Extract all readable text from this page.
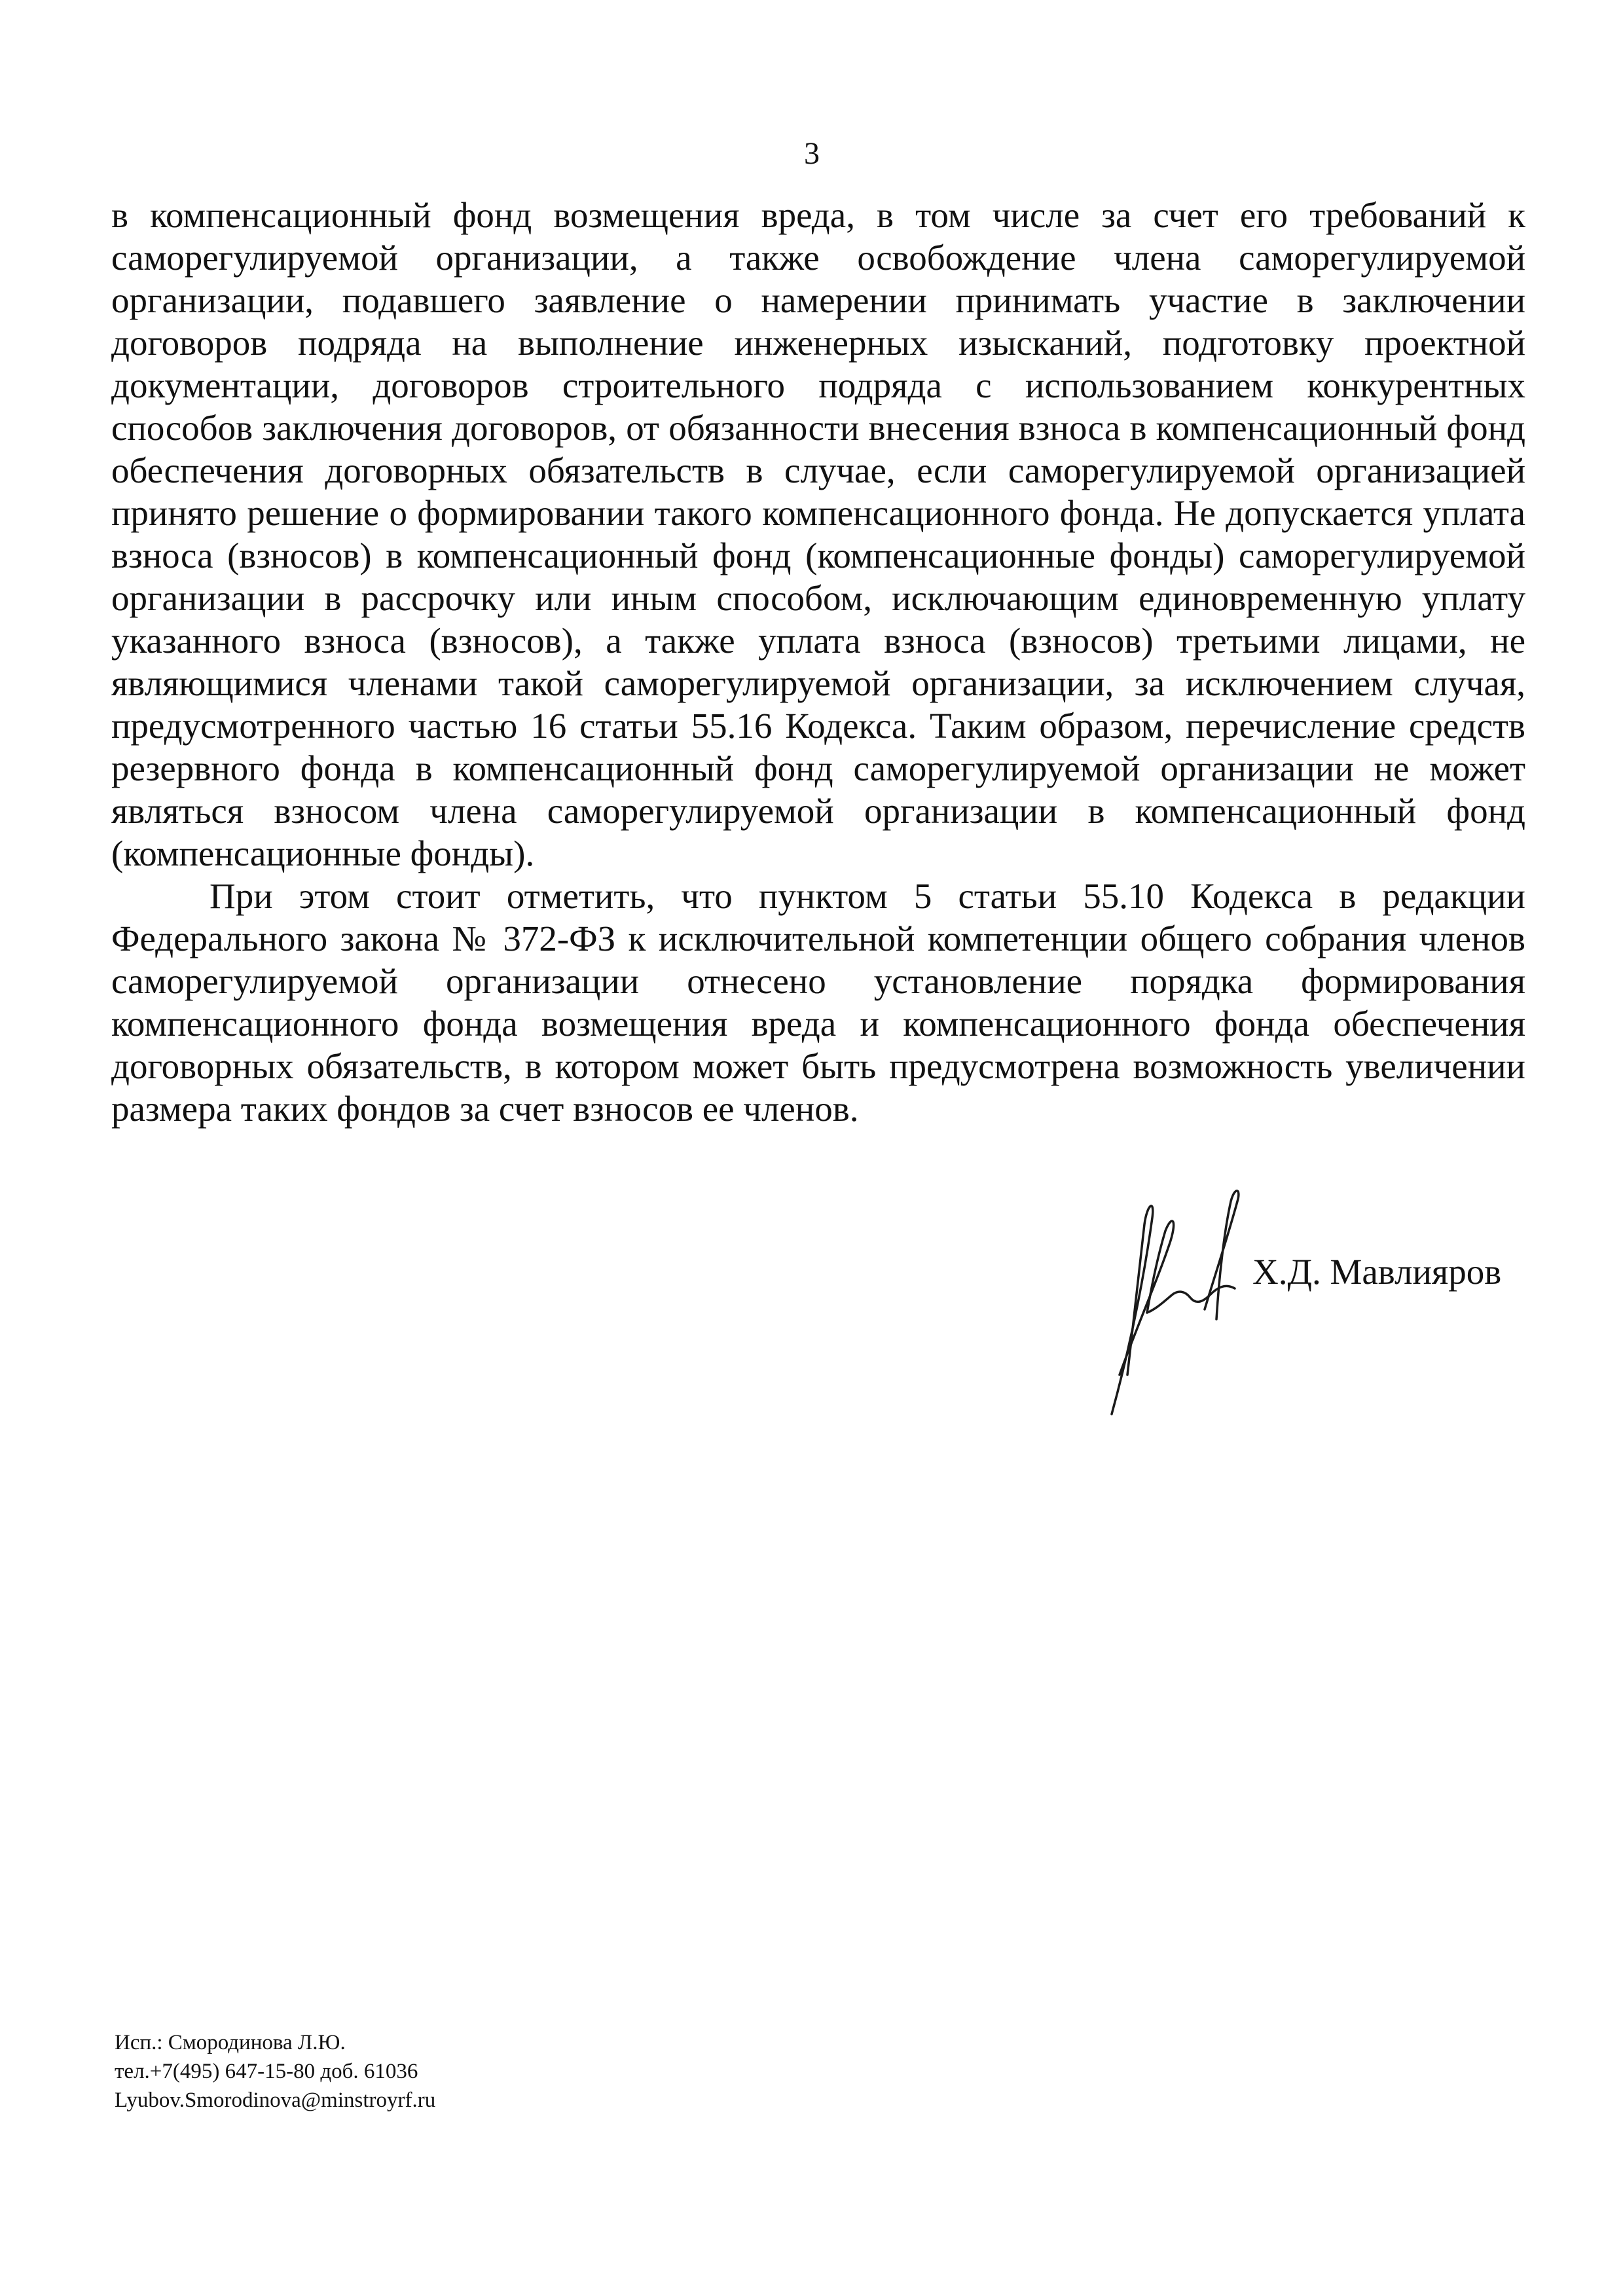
3

в компенсационный фонд возмещения вреда, в том числе за счет его требований к саморегулируемой организации, а также освобождение члена саморегулируемой организации, подавшего заявление о намерении принимать участие в заключении договоров подряда на выполнение инженерных изысканий, подготовку проектной документации, договоров строительного подряда с использованием конкурентных способов заключения договоров, от обязанности внесения взноса в компенсационный фонд обеспечения договорных обязательств в случае, если саморегулируемой организацией принято решение о формировании такого компенсационного фонда. Не допускается уплата взноса (взносов) в компенсационный фонд (компенсационные фонды) саморегулируемой организации в рассрочку или иным способом, исключающим единовременную уплату указанного взноса (взносов), а также уплата взноса (взносов) третьими лицами, не являющимися членами такой саморегулируемой организации, за исключением случая, предусмотренного частью 16 статьи 55.16 Кодекса. Таким образом, перечисление средств резервного фонда в компенсационный фонд саморегулируемой организации не может являться взносом члена саморегулируемой организации в компенсационный фонд (компенсационные фонды).

При этом стоит отметить, что пунктом 5 статьи 55.10 Кодекса в редакции Федерального закона № 372-ФЗ к исключительной компетенции общего собрания членов саморегулируемой организации отнесено установление порядка формирования компенсационного фонда возмещения вреда и компенсационного фонда обеспечения договорных обязательств, в котором может быть предусмотрена возможность увеличении размера таких фондов за счет взносов ее членов.

Х.Д. Мавлияров
Исп.: Смородинова Л.Ю.
тел.+7(495) 647-15-80 доб. 61036
Lyubov.Smorodinova@minstroyrf.ru
